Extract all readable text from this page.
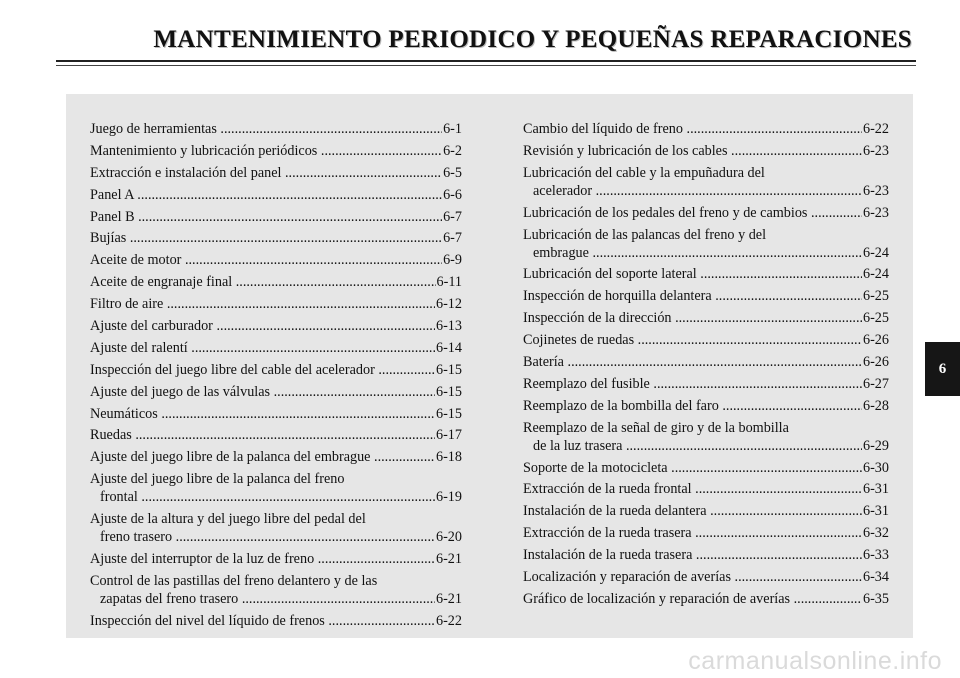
MANTENIMIENTO PERIODICO Y PEQUEÑAS REPARACIONES
Juego de herramientas .....	6-1
Mantenimiento y lubricación periódicos .....	6-2
Extracción e instalación del panel .....	6-5
Panel A .....	6-6
Panel B .....	6-7
Bujías .....	6-7
Aceite de motor .....	6-9
Aceite de engranaje final .....	6-11
Filtro de aire .....	6-12
Ajuste del carburador .....	6-13
Ajuste del ralentí .....	6-14
Inspección del juego libre del cable del acelerador .....	6-15
Ajuste del juego de las válvulas .....	6-15
Neumáticos .....	6-15
Ruedas .....	6-17
Ajuste del juego libre de la palanca del embrague .....	6-18
Ajuste del juego libre de la palanca del freno
frontal .....	6-19
Ajuste de la altura y del juego libre del pedal del
freno trasero .....	6-20
Ajuste del interruptor de la luz de freno .....	6-21
Control de las pastillas del freno delantero y de las
zapatas del freno trasero .....	6-21
Inspección del nivel del líquido de frenos .....	6-22
Cambio del líquido de freno .....	6-22
Revisión y lubricación de los cables .....	6-23
Lubricación del cable y la empuñadura del
acelerador .....	6-23
Lubricación de los pedales del freno y de cambios .....	6-23
Lubricación de las palancas del freno y del
embrague .....	6-24
Lubricación del soporte lateral .....	6-24
Inspección de horquilla delantera .....	6-25
Inspección de la dirección .....	6-25
Cojinetes de ruedas .....	6-26
Batería .....	6-26
Reemplazo del fusible .....	6-27
Reemplazo de la bombilla del faro .....	6-28
Reemplazo de la señal de giro y de la bombilla
de la luz trasera .....	6-29
Soporte de la motocicleta .....	6-30
Extracción de la rueda frontal .....	6-31
Instalación de la rueda delantera .....	6-31
Extracción de la rueda trasera .....	6-32
Instalación de la rueda trasera .....	6-33
Localización y reparación de averías .....	6-34
Gráfico de localización y reparación de averías .....	6-35
6
carmanualsonline.info
